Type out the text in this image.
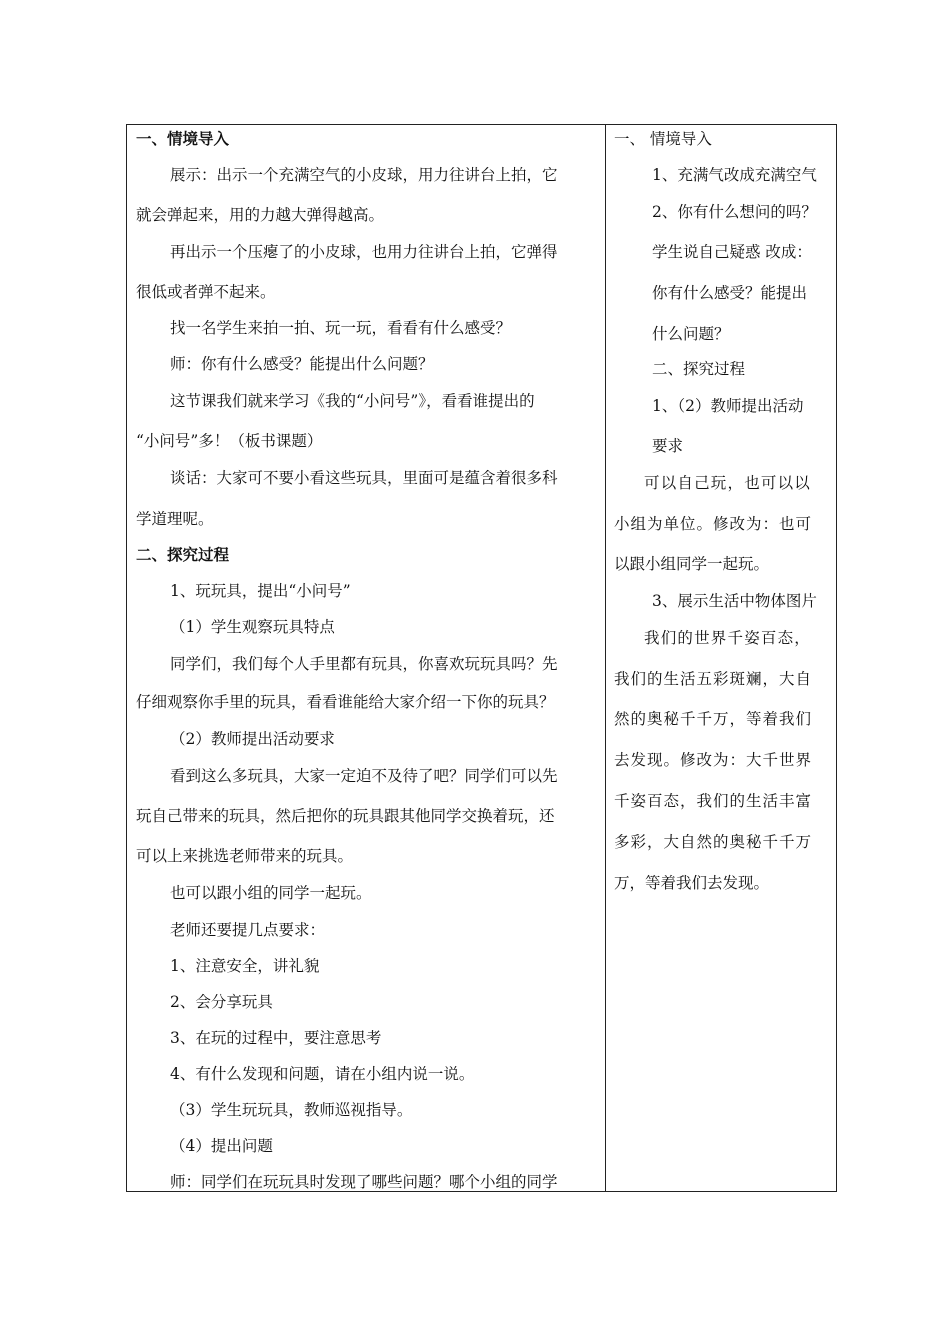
一、情境导入
展示：出示一个充满空气的小皮球，用力往讲台上拍，它
就会弹起来，用的力越大弹得越高。
再出示一个压瘪了的小皮球，也用力往讲台上拍，它弹得
很低或者弹不起来。
找一名学生来拍一拍、玩一玩，看看有什么感受？
师：你有什么感受？能提出什么问题？
这节课我们就来学习《我的“小问号”》，看看谁提出的
“小问号”多！（板书课题）
谈话：大家可不要小看这些玩具，里面可是蕴含着很多科
学道理呢。
二、探究过程
1、玩玩具，提出“小问号”
（1）学生观察玩具特点
同学们，我们每个人手里都有玩具，你喜欢玩玩具吗？先
仔细观察你手里的玩具，看看谁能给大家介绍一下你的玩具？
（2）教师提出活动要求
看到这么多玩具，大家一定迫不及待了吧？同学们可以先
玩自己带来的玩具，然后把你的玩具跟其他同学交换着玩，还
可以上来挑选老师带来的玩具。
也可以跟小组的同学一起玩。
老师还要提几点要求：
1、注意安全，讲礼貌
2、会分享玩具
3、在玩的过程中，要注意思考
4、有什么发现和问题，请在小组内说一说。
（3）学生玩玩具，教师巡视指导。
（4）提出问题
师：同学们在玩玩具时发现了哪些问题？哪个小组的同学
一、 情境导入
1、充满气改成充满空气
2、你有什么想问的吗？
学生说自己疑惑 改成：
你有什么感受？能提出
什么问题？
二、探究过程
1、（2）教师提出活动
要求
可以自己玩，也可以以
小组为单位。修改为：也可
以跟小组同学一起玩。
3、展示生活中物体图片
我们的世界千姿百态，
我们的生活五彩斑斓，大自
然的奥秘千千万，等着我们
去发现。修改为：大千世界
千姿百态，我们的生活丰富
多彩，大自然的奥秘千千万
万，等着我们去发现。
